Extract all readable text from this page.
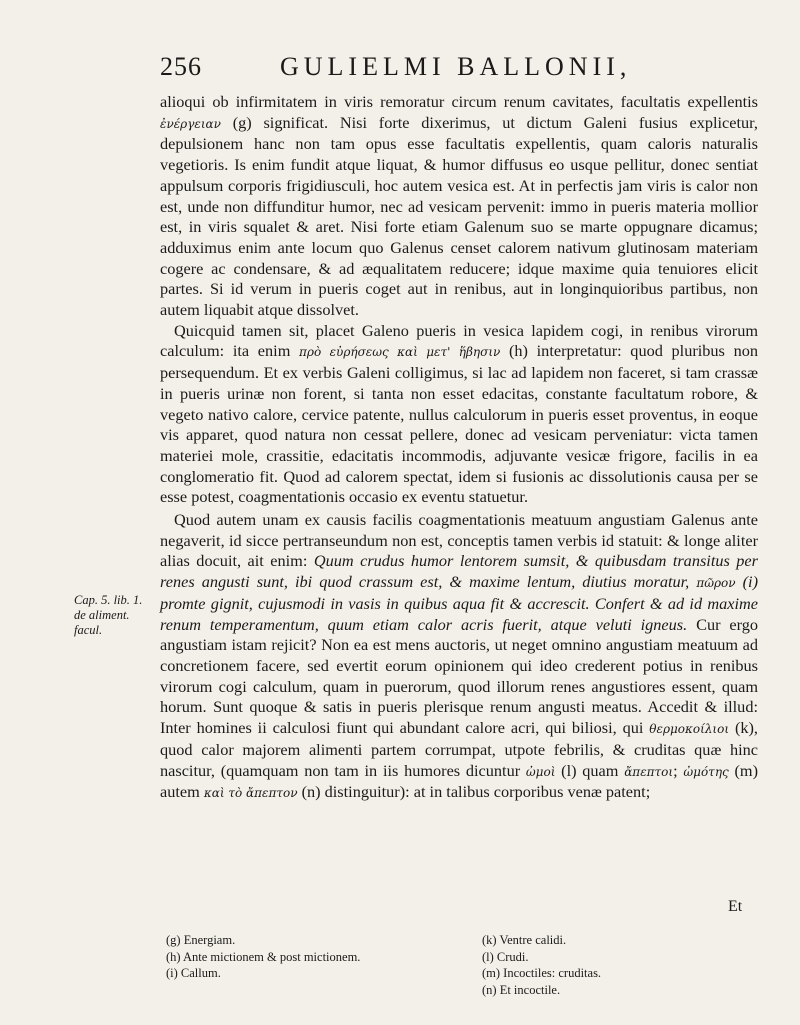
256	GULIELMI BALLONII,

alioqui ob infirmitatem in viris remoratur circum renum cavitates, facultatis expellentis ἐνέργειαν (g) significat. Nisi forte dixerimus, ut dictum Galeni fusius explicetur, depulsionem hanc non tam opus esse facultatis expellentis, quam caloris naturalis vegetioris. Is enim fundit atque liquat, & humor diffusus eo usque pellitur, donec sentiat appulsum corporis frigidiusculi, hoc autem vesica est. At in perfectis jam viris is calor non est, unde non diffunditur humor, nec ad vesicam pervenit: immo in pueris materia mollior est, in viris squalet & aret. Nisi forte etiam Galenum suo se marte oppugnare dicamus; adduximus enim ante locum quo Galenus censet calorem nativum glutinosam materiam cogere ac condensare, & ad æqualitatem reducere; idque maxime quia tenuiores elicit partes. Si id verum in pueris coget aut in renibus, aut in longinquioribus partibus, non autem liquabit atque dissolvet.

Quicquid tamen sit, placet Galeno pueris in vesica lapidem cogi, in renibus virorum calculum: ita enim πρὸ εὐρήσεως καὶ μετ' ἥβησιν (h) interpretatur: quod pluribus non persequendum. Et ex verbis Galeni colligimus, si lac ad lapidem non faceret, si tam crassæ in pueris urinæ non forent, si tanta non esset edacitas, constante facultatum robore, & vegeto nativo calore, cervice patente, nullus calculorum in pueris esset proventus, in eoque vis apparet, quod natura non cessat pellere, donec ad vesicam perveniatur: victa tamen materiei mole, crassitie, edacitatis incommodis, adjuvante vesicæ frigore, facilis in ea conglomeratio fit. Quod ad calorem spectat, idem si fusionis ac dissolutionis causa per se esse potest, coagmentationis occasio ex eventu statuetur.

Quod autem unam ex causis facilis coagmentationis meatuum angustiam Galenus ante negaverit, id sicce pertranseundum non est, conceptis tamen verbis id statuit: & longe aliter alias docuit, ait enim: Quum crudus humor lentorem sumsit, & quibusdam transitus per renes angusti sunt, ibi quod crassum est, & maxime lentum, diutius moratur, πῶρον (i) promte gignit, cujusmodi in vasis in quibus aqua fit & accrescit. Confert & ad id maxime renum temperamentum, quum etiam calor acris fuerit, atque veluti igneus. Cur ergo angustiam istam rejicit? Non ea est mens auctoris, ut neget omnino angustiam meatuum ad concretionem facere, sed evertit eorum opinionem qui ideo crederent potius in renibus virorum cogi calculum, quam in puerorum, quod illorum renes angustiores essent, quam horum. Sunt quoque & satis in pueris plerisque renum angusti meatus. Accedit & illud: Inter homines ii calculosi fiunt qui abundant calore acri, qui biliosi, qui θερμοκοίλιοι (k), quod calor majorem alimenti partem corrumpat, utpote febrilis, & cruditas quæ hinc nascitur, (quamquam non tam in iis humores dicuntur ὠμοὶ (l) quam ἄπεπτοι; ὠμότης (m) autem καὶ τὸ ἄπεπτον (n) distinguitur): at in talibus corporibus venæ patent;

Cap. 5. lib. 1. de aliment. facul.
Et
(g) Energiam.
(h) Ante mictionem & post mictionem.
(i) Callum.
(k) Ventre calidi.
(l) Crudi.
(m) Incoctiles: cruditas.
(n) Et incoctile.
